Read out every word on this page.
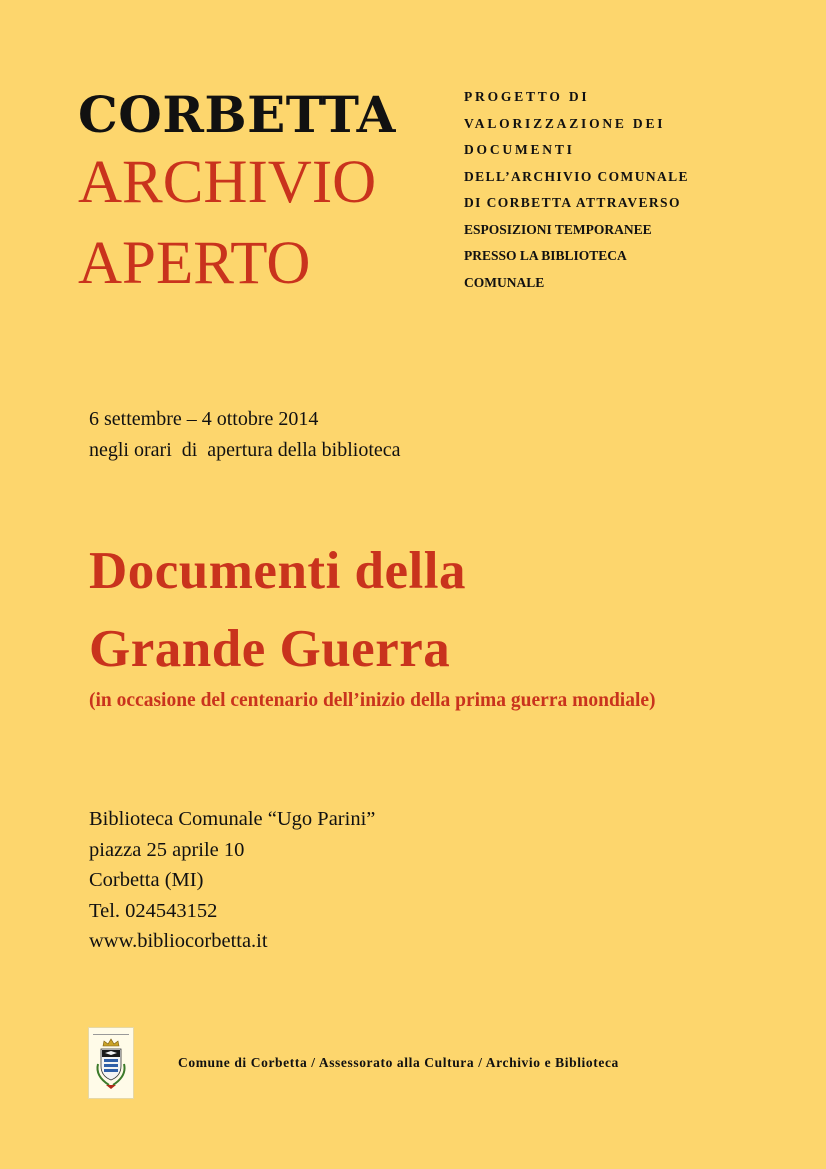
CORBETTA
ARCHIVIO
APERTO
PROGETTO DI
VALORIZZAZIONE DEI
DOCUMENTI
DELL’ARCHIVIO COMUNALE
DI CORBETTA ATTRAVERSO
ESPOSIZIONI TEMPORANEE
PRESSO LA BIBLIOTECA
COMUNALE
6 settembre – 4 ottobre 2014
negli orari  di  apertura della biblioteca
Documenti della
Grande Guerra
(in occasione del centenario dell’inizio della prima guerra mondiale)
Biblioteca Comunale “Ugo Parini”
piazza 25 aprile 10
Corbetta (MI)
Tel. 024543152
www.bibliocorbetta.it
Comune di Corbetta / Assessorato alla Cultura / Archivio e Biblioteca
